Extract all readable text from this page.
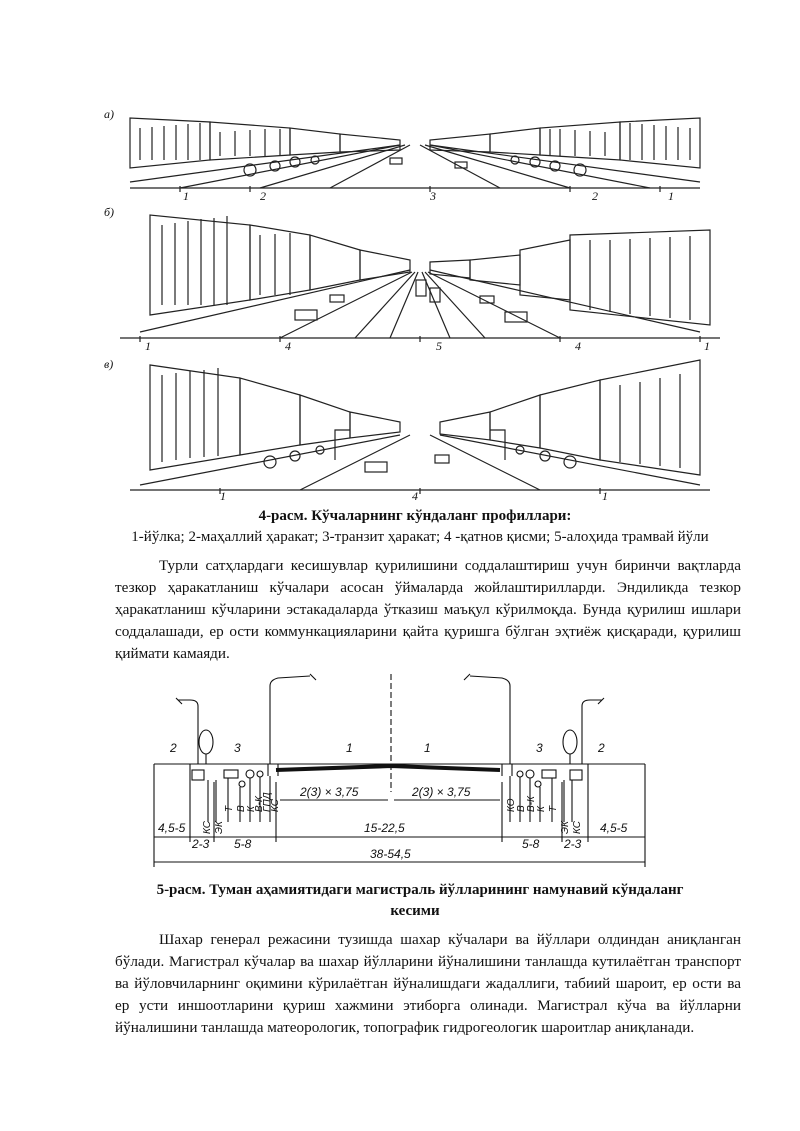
а)
б)
в)
1	2	3	2	1
1	4	5	4	1
1	4	1
4-расм. Кўчаларнинг кўндаланг профиллари:
1-йўлка; 2-маҳаллий ҳаракат; 3-транзит ҳаракат; 4 -қатнов қисми; 5-алоҳида трамвай йўли

Турли сатҳлардаги кесишувлар қурилишини соддалаштириш учун биринчи вақтларда тезкор ҳаракатланиш кўчалари асосан ўймаларда жойлаштирилларди. Эндиликда тезкор ҳаракатланиш кўчларини эстакадаларда ўтказиш маъқул кўрилмоқда. Бунда қурилиш ишлари соддалашади, ер ости коммункацияларини қайта қуришга бўлган эҳтиёж қисқаради, қурилиш қиймати камаяди.

2	3	1	1	3	2
2(3) × 3,75	2(3) × 3,75
КС ЭК
Т В К
В-К
ГПД
КС	КО В В-К К Т
ЭК КС
4,5-5
2-3 5-8
15-22,5
5-8 2-3
4,5-5
38-54,5
5-расм. Туман аҳамиятидаги магистраль йўлларининг намунавий кўндаланг
кесими

Шахар генерал режасини тузишда шахар кўчалари ва йўллари олдиндан аниқланган бўлади. Магистрал кўчалар ва шахар йўлларини йўналишини танлашда кутилаётган транспорт ва йўловчиларнинг оқимини кўрилаётган йўналишдаги жадаллиги, табиий шароит, ер ости ва ер усти иншоотларини қуриш хажмини этиборга олинади. Магистрал кўча ва йўлларни йўналишини танлашда матеорологик, топографик гидрогеологик шароитлар аниқланади.
